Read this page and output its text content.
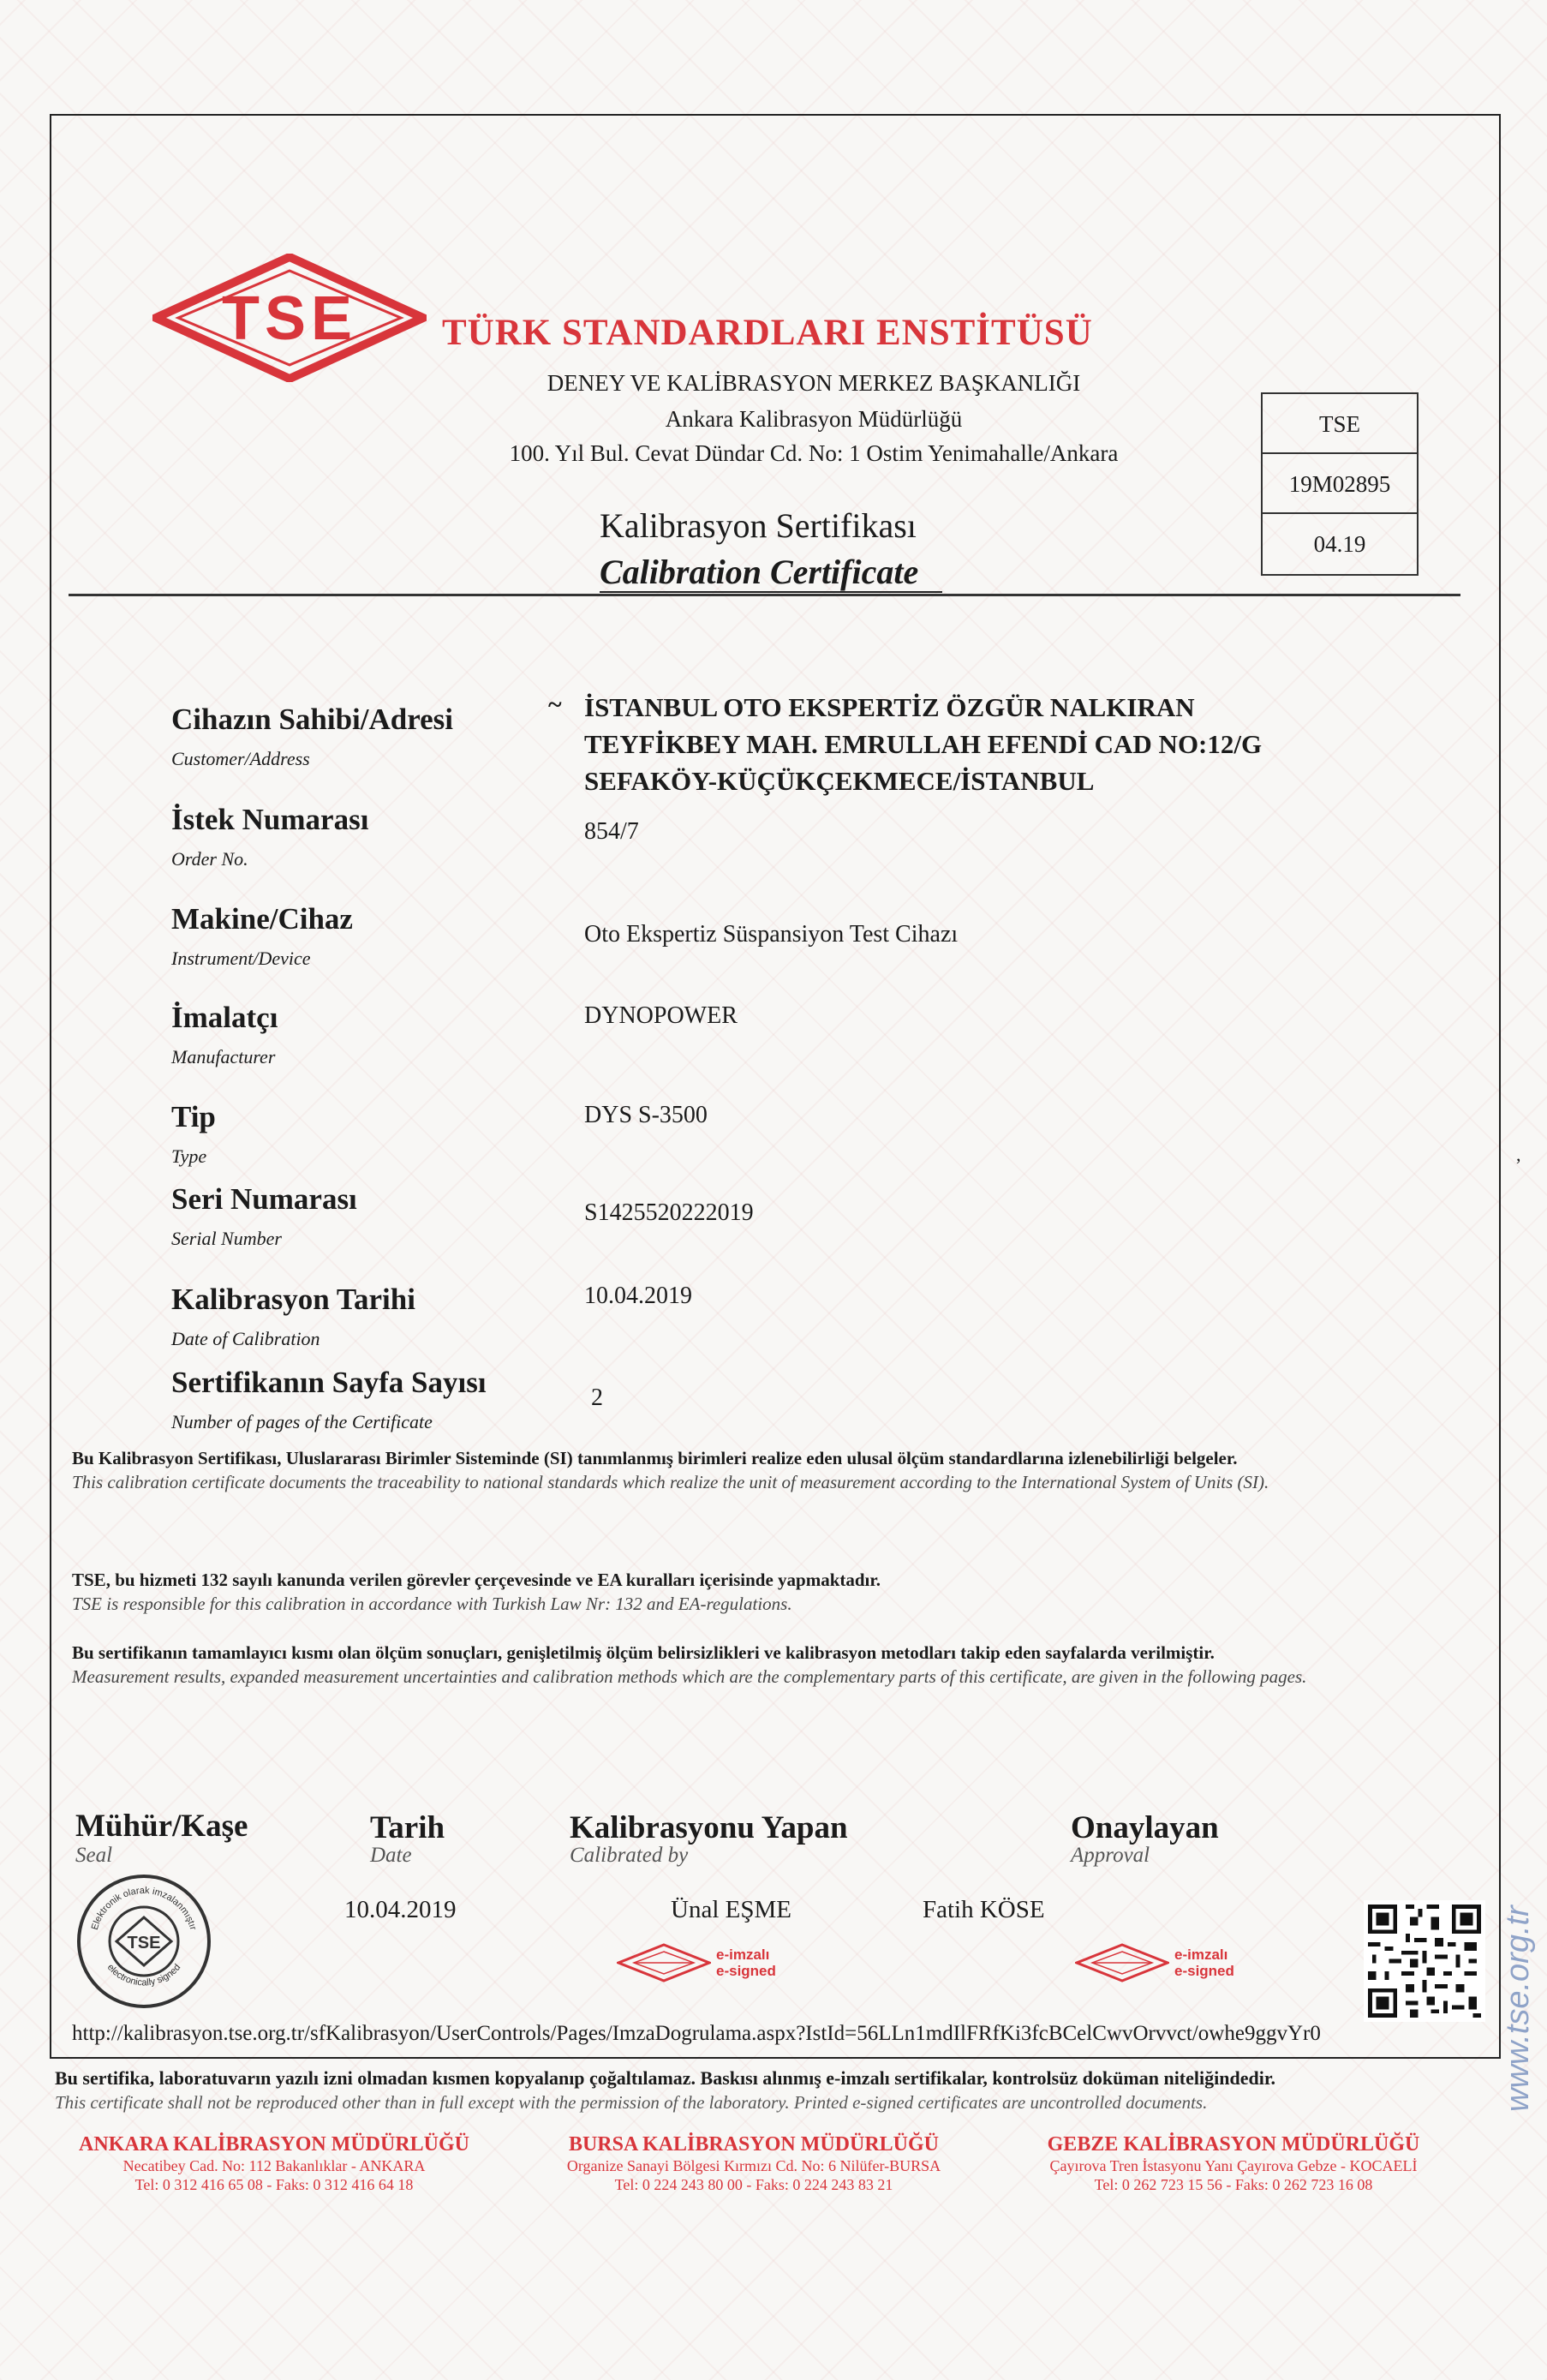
TSE TÜRK STANDARDLARI ENSTİTÜSÜ
DENEY VE KALİBRASYON MERKEZ BAŞKANLIĞI
Ankara Kalibrasyon Müdürlüğü
100. Yıl Bul. Cevat Dündar Cd. No: 1 Ostim Yenimahalle/Ankara
Kalibrasyon Sertifikası
Calibration Certificate
TSE
19M02895
04.19
Cihazın Sahibi/Adresi
Customer/Address
~ İSTANBUL OTO EKSPERTİZ ÖZGÜR NALKIRAN
TEYFİKBEY MAH. EMRULLAH EFENDİ CAD NO:12/G
SEFAKÖY-KÜÇÜKÇEKMECE/İSTANBUL
İstek Numarası
Order No.
854/7
Makine/Cihaz
Instrument/Device
Oto Ekspertiz Süspansiyon Test Cihazı
İmalatçı
Manufacturer
DYNOPOWER
Tip
Type
DYS S-3500
Seri Numarası
Serial Number
S1425520222019
Kalibrasyon Tarihi
Date of Calibration
10.04.2019
Sertifikanın Sayfa Sayısı
Number of pages of the Certificate
2
,
Bu Kalibrasyon Sertifikası, Uluslararası Birimler Sisteminde (SI) tanımlanmış birimleri realize eden ulusal ölçüm standardlarına izlenebilirliği belgeler.
This calibration certificate documents the traceability to national standards which realize the unit of measurement according to the International System of Units (SI).
TSE, bu hizmeti 132 sayılı kanunda verilen görevler çerçevesinde ve EA kuralları içerisinde yapmaktadır.
TSE is responsible for this calibration in accordance with Turkish Law Nr: 132 and EA-regulations.
Bu sertifikanın tamamlayıcı kısmı olan ölçüm sonuçları, genişletilmiş ölçüm belirsizlikleri ve kalibrasyon metodları takip eden sayfalarda verilmiştir.
Measurement results, expanded measurement uncertainties and calibration methods which are the complementary parts of this certificate, are given in the following pages.
Mühür/Kaşe
Seal
Tarih
Date
10.04.2019
Kalibrasyonu Yapan
Calibrated by
Ünal EŞME
Onaylayan
Approval
Fatih KÖSE
TSE
Elektronik olarak imzalanmıştır
electronically signed
e-imzalı
e-signed
e-imzalı
e-signed
http://kalibrasyon.tse.org.tr/sfKalibrasyon/UserControls/Pages/ImzaDogrulama.aspx?IstId=56LLn1mdIlFRfKi3fcBCelCwvOrvvct/owhe9ggvYr0	www.tse.org.tr
Bu sertifika, laboratuvarın yazılı izni olmadan kısmen kopyalanıp çoğaltılamaz. Baskısı alınmış e-imzalı sertifikalar, kontrolsüz doküman niteliğindedir.
This certificate shall not be reproduced other than in full except with the permission of the laboratory. Printed e-signed certificates are uncontrolled documents.
ANKARA KALİBRASYON MÜDÜRLÜĞÜ
Necatibey Cad. No: 112 Bakanlıklar - ANKARA
Tel: 0 312 416 65 08 - Faks: 0 312 416 64 18
BURSA KALİBRASYON MÜDÜRLÜĞÜ
Organize Sanayi Bölgesi Kırmızı Cd. No: 6 Nilüfer-BURSA
Tel: 0 224 243 80 00 - Faks: 0 224 243 83 21
GEBZE KALİBRASYON MÜDÜRLÜĞÜ
Çayırova Tren İstasyonu Yanı Çayırova Gebze - KOCAELİ
Tel: 0 262 723 15 56 - Faks: 0 262 723 16 08
